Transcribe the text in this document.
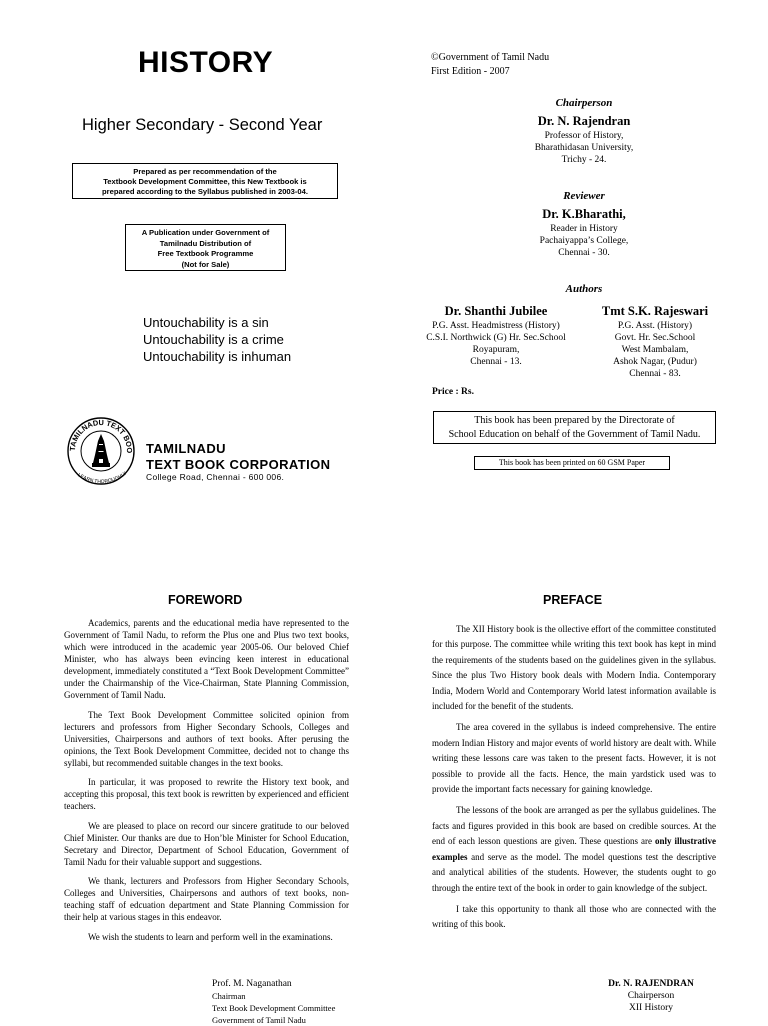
HISTORY
Higher Secondary - Second Year
Prepared as per recommendation of the
Textbook Development Committee, this New Textbook is
prepared according to the Syllabus published in 2003-04.
A Publication under Government of
Tamilnadu Distribution of
Free Textbook Programme
(Not for Sale)
Untouchability is a sin
Untouchability is a crime
Untouchability is inhuman
TAMILNADU TEXT BOO
LEARN THOROUGHLY
TAMILNADU
TEXT BOOK CORPORATION
College Road, Chennai - 600 006.
©Government of Tamil Nadu
First Edition - 2007
Chairperson
Dr. N. Rajendran
Professor of History,
Bharathidasan University,
Trichy - 24.
Reviewer
Dr. K.Bharathi,
Reader in History
Pachaiyappa’s College,
Chennai - 30.
Authors
Dr. Shanthi Jubilee
P.G. Asst. Headmistress (History)
C.S.I. Northwick (G) Hr. Sec.School
Royapuram,
Chennai - 13.
Tmt S.K. Rajeswari
P.G. Asst. (History)
Govt. Hr. Sec.School
West Mambalam,
Ashok Nagar, (Pudur)
Chennai - 83.
Price : Rs.
This book has been prepared by the Directorate of
School Education on behalf of the Government of Tamil Nadu.
This book has been printed on 60 GSM Paper
FOREWORD

Academics, parents and the educational media have represented to the Government of Tamil Nadu, to reform the Plus one and Plus two text books, which were introduced in the academic year 2005-06. Our beloved Chief Minister, who has always been evincing keen interest in educational development, immediately constituted a “Text Book Development Committee” under the Chairmanship of the Vice-Chairman, State Planning Commission, Government of Tamil Nadu.

The Text Book Development Committee solicited opinion from lecturers and professors from Higher Secondary Schools, Colleges and Universities, Chairpersons and authors of text books. After perusing the opinions, the Text Book Development Committee, decided not to change ths syllabi, but recommended suitable changes in the text books.

In particular, it was proposed to rewrite the History text book, and accepting this proposal, this text book is rewritten by experienced and efficient teachers.

We are pleased to place on record our sincere gratitude to our beloved Chief Minister. Our thanks are due to Hon’ble Minister for School Education, Secretary and Director, Department of School Education, Government of Tamil Nadu for their valuable support and suggestions.

We thank, lecturers and Professors from Higher Secondary Schools, Colleges and Universities, Chairpersons and authors of text books, non-teaching staff of edcuation department and State Planning Commission for their help at various stages in this endeavor.

We wish the students to learn and perform well in the examinations.

Prof. M. Naganathan
Chairman
Text Book Development Committee
Government of Tamil Nadu
PREFACE

The XII History book is the ollective effort of the committee constituted for this purpose. The committee while writing this text book has kept in mind the requirements of the students based on the guidelines given in the syllabus. Since the plus Two History book deals with Modern India. Contemporary India, Modern World and Contemporary World latest information available is included for the benefit of the students.

The area covered in the syllabus is indeed comprehensive. The entire modern Indian History and major events of world history are dealt with. While writing these lessons care was taken to the present facts. However, it is not possible to provide all the facts. Hence, the main yardstick used was to provide the important facts necessary for gaining knowledge.

The lessons of the book are arranged as per the syllabus guidelines. The facts and figures provided in this book are based on credible sources. At the end of each lesson questions are given. These questions are only illustrative examples and serve as the model. The model questions test the descriptive and analytical abilities of the students. However, the students ought to go through the entire text of the book in order to gain knowledge of the subject.

I take this opportunity to thank all those who are connected with the writing of this book.

Dr. N. RAJENDRAN
Chairperson
XII History
